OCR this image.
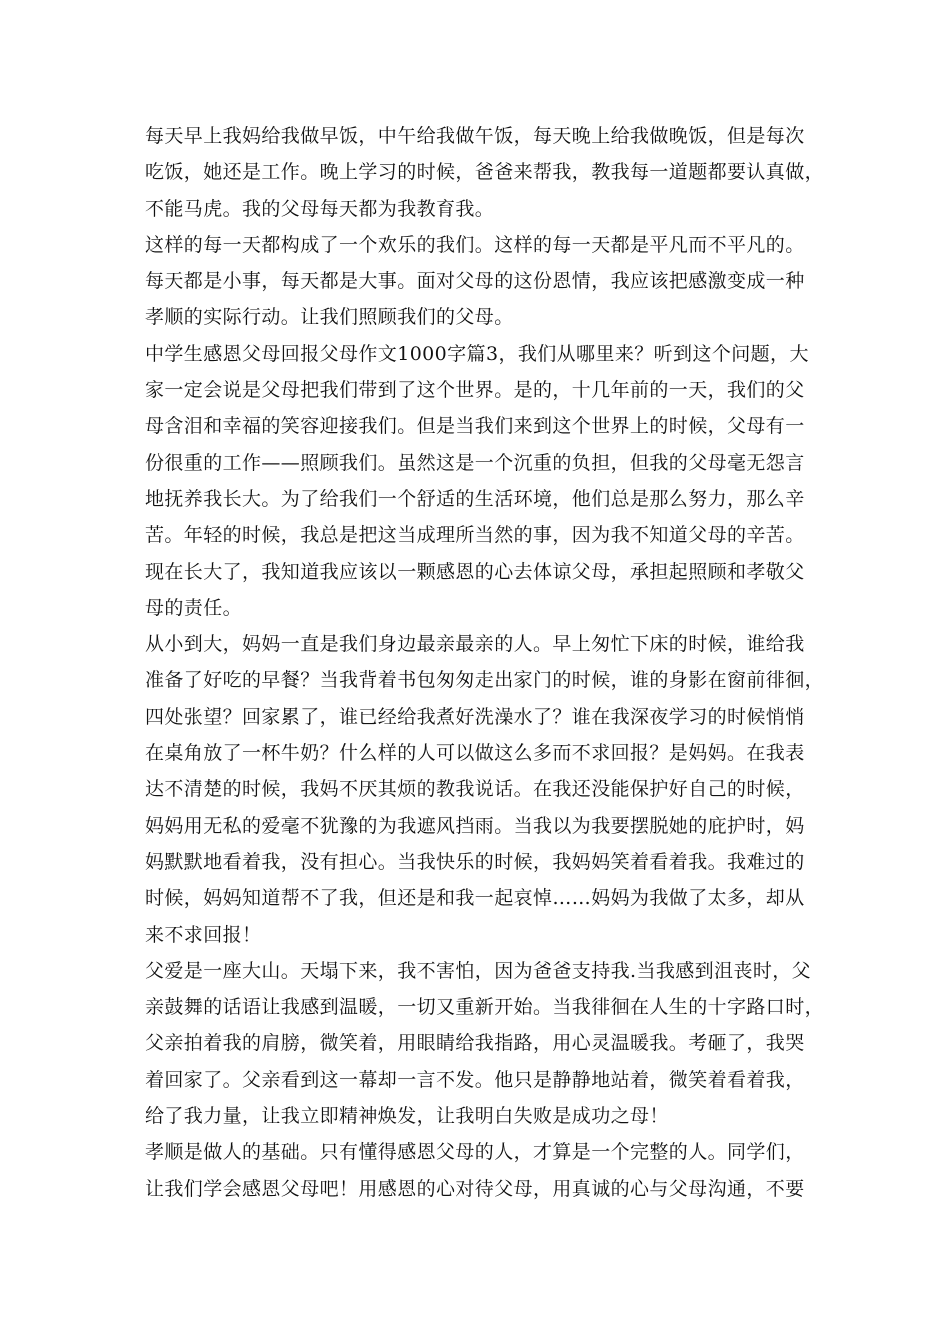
每天早上我妈给我做早饭，中午给我做午饭，每天晚上给我做晚饭，但是每次
吃饭，她还是工作。晚上学习的时候，爸爸来帮我，教我每一道题都要认真做，
不能马虎。我的父母每天都为我教育我。
这样的每一天都构成了一个欢乐的我们。这样的每一天都是平凡而不平凡的。
每天都是小事，每天都是大事。面对父母的这份恩情，我应该把感激变成一种
孝顺的实际行动。让我们照顾我们的父母。
中学生感恩父母回报父母作文1000字篇3，我们从哪里来？听到这个问题，大
家一定会说是父母把我们带到了这个世界。是的，十几年前的一天，我们的父
母含泪和幸福的笑容迎接我们。但是当我们来到这个世界上的时候，父母有一
份很重的工作——照顾我们。虽然这是一个沉重的负担，但我的父母毫无怨言
地抚养我长大。为了给我们一个舒适的生活环境，他们总是那么努力，那么辛
苦。年轻的时候，我总是把这当成理所当然的事，因为我不知道父母的辛苦。
现在长大了，我知道我应该以一颗感恩的心去体谅父母，承担起照顾和孝敬父
母的责任。
从小到大，妈妈一直是我们身边最亲最亲的人。早上匆忙下床的时候，谁给我
准备了好吃的早餐？当我背着书包匆匆走出家门的时候，谁的身影在窗前徘徊，
四处张望？回家累了，谁已经给我煮好洗澡水了？谁在我深夜学习的时候悄悄
在桌角放了一杯牛奶？什么样的人可以做这么多而不求回报？是妈妈。在我表
达不清楚的时候，我妈不厌其烦的教我说话。在我还没能保护好自己的时候，
妈妈用无私的爱毫不犹豫的为我遮风挡雨。当我以为我要摆脱她的庇护时，妈
妈默默地看着我，没有担心。当我快乐的时候，我妈妈笑着看着我。我难过的
时候，妈妈知道帮不了我，但还是和我一起哀悼……妈妈为我做了太多，却从
来不求回报！
父爱是一座大山。天塌下来，我不害怕，因为爸爸支持我.当我感到沮丧时，父
亲鼓舞的话语让我感到温暖，一切又重新开始。当我徘徊在人生的十字路口时，
父亲拍着我的肩膀，微笑着，用眼睛给我指路，用心灵温暖我。考砸了，我哭
着回家了。父亲看到这一幕却一言不发。他只是静静地站着，微笑着看着我，
给了我力量，让我立即精神焕发，让我明白失败是成功之母！
孝顺是做人的基础。只有懂得感恩父母的人，才算是一个完整的人。同学们，
让我们学会感恩父母吧！用感恩的心对待父母，用真诚的心与父母沟通，不要
